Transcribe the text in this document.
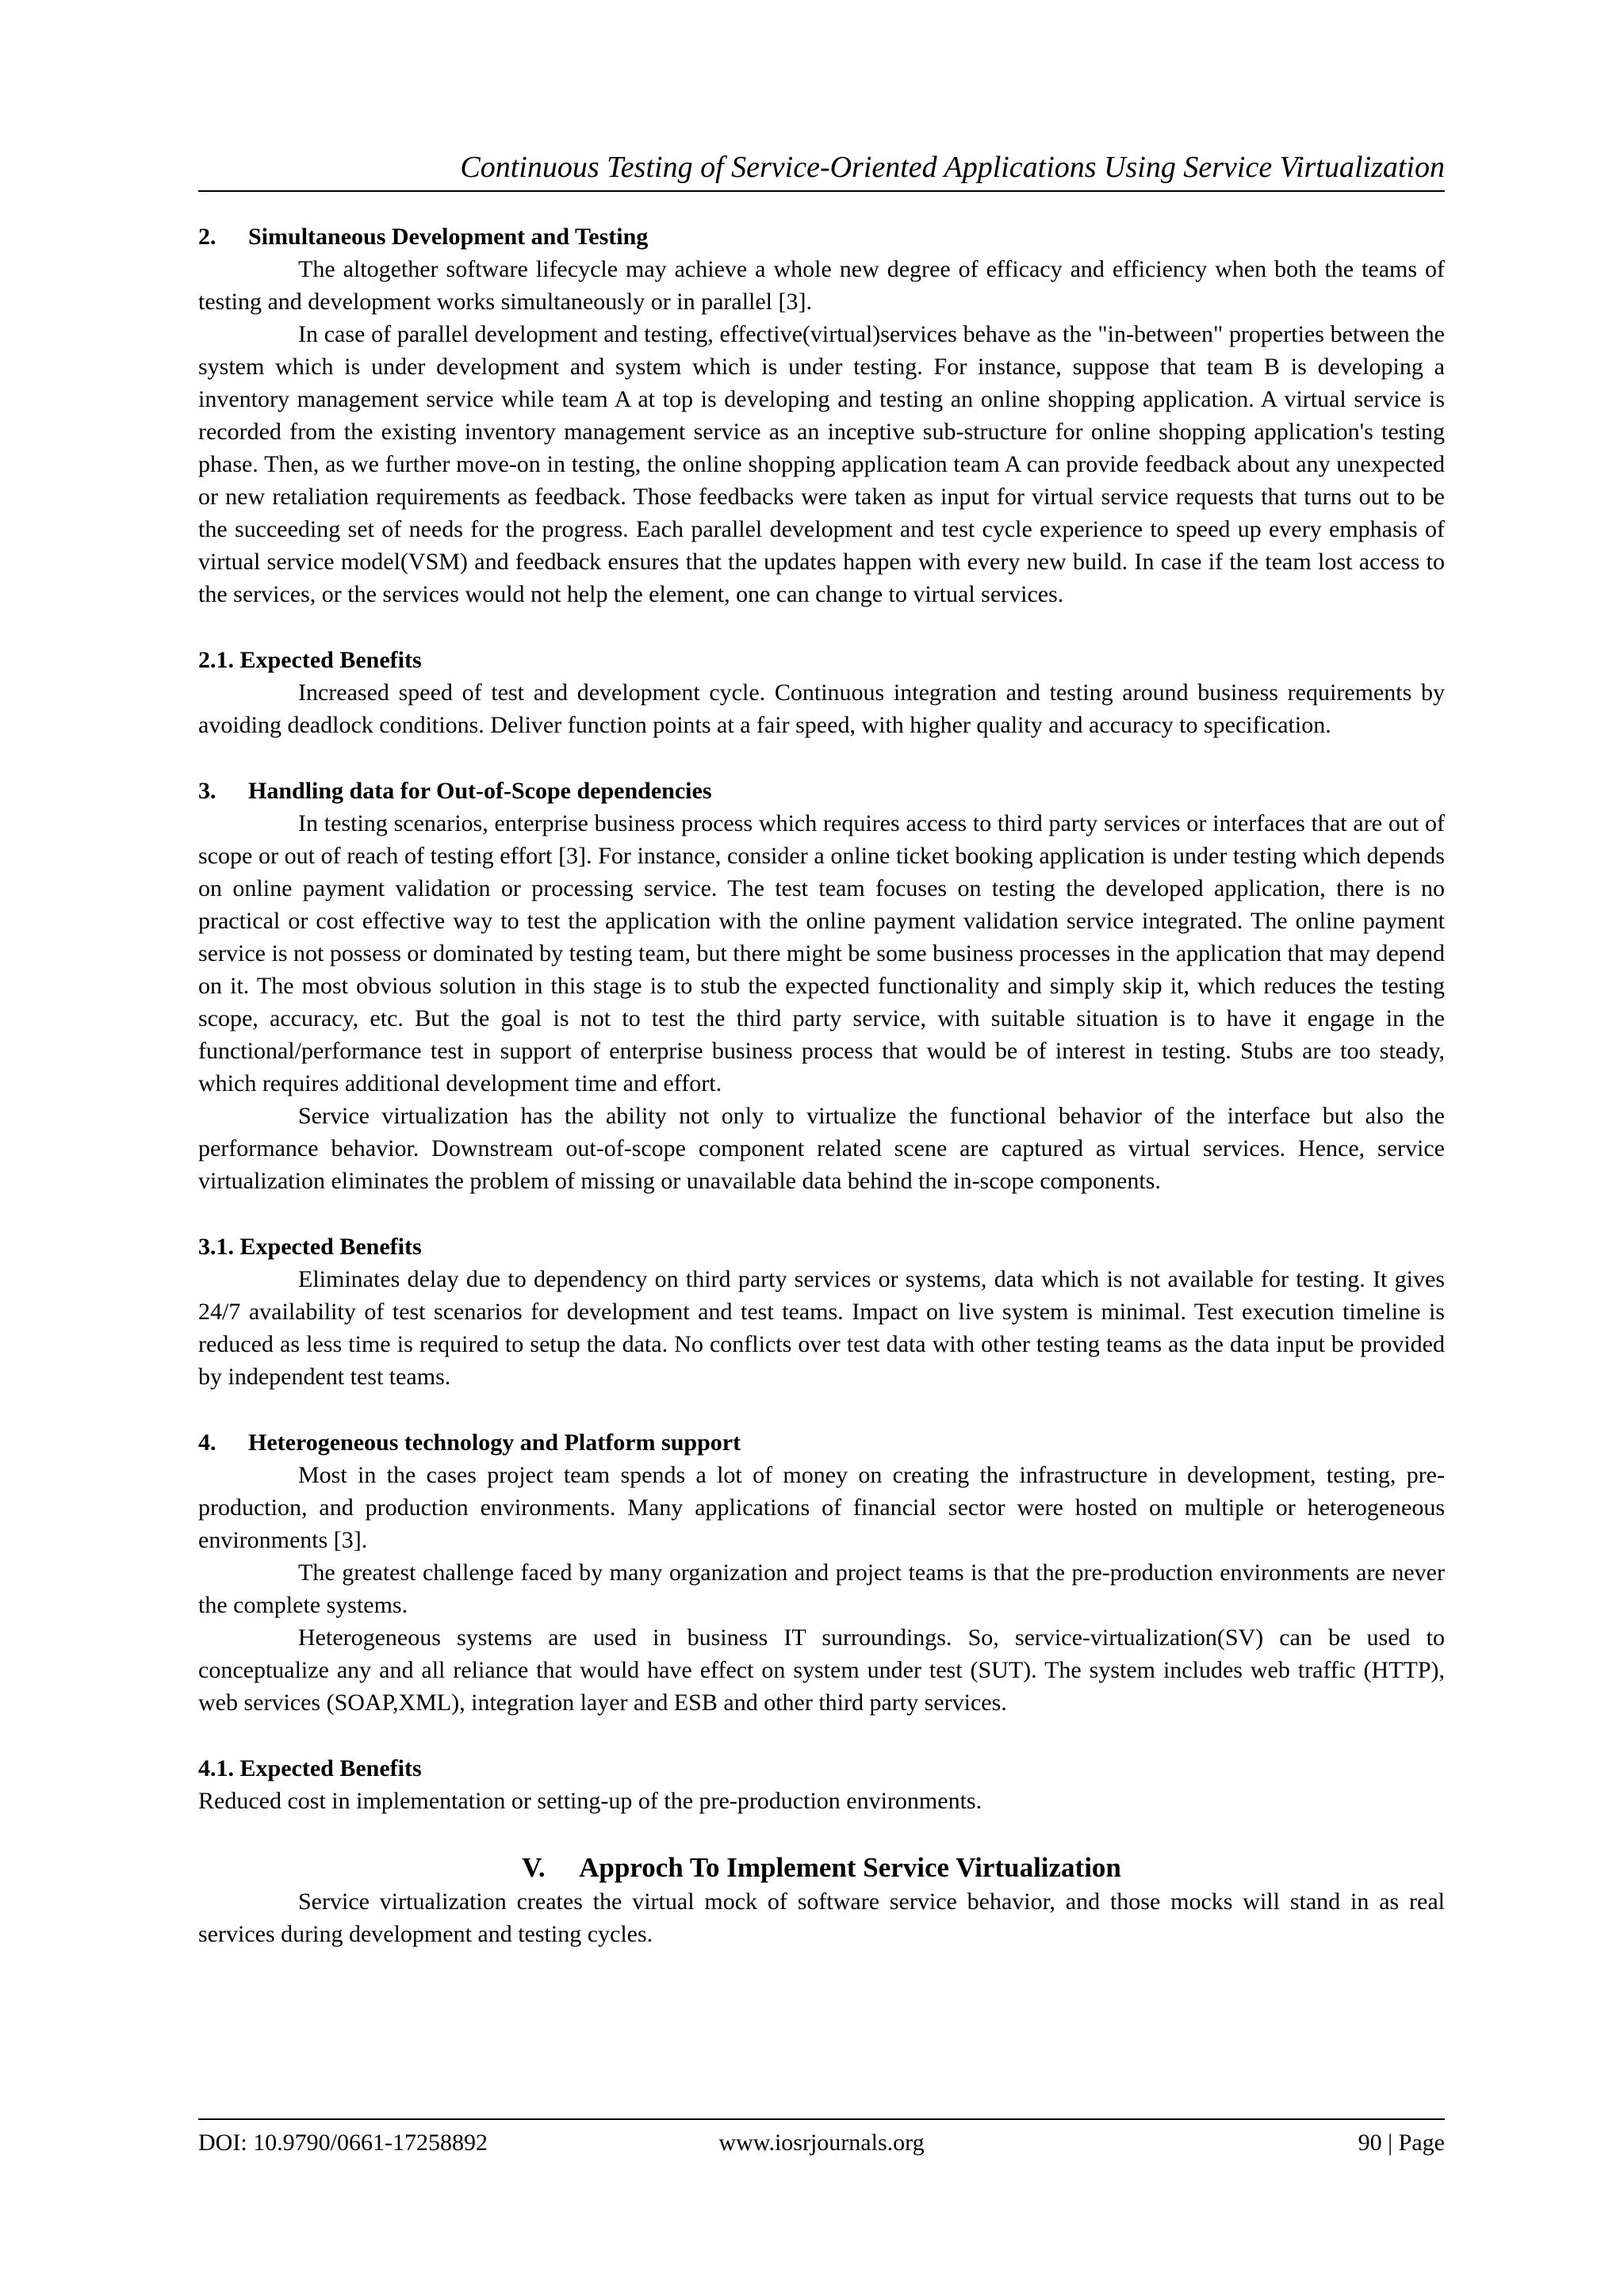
Continuous Testing of Service-Oriented Applications Using Service Virtualization

2. Simultaneous Development and Testing

The altogether software lifecycle may achieve a whole new degree of efficacy and efficiency when both the teams of testing and development works simultaneously or in parallel [3].

In case of parallel development and testing, effective(virtual)services behave as the "in-between" properties between the system which is under development and system which is under testing. For instance, suppose that team B is developing a inventory management service while team A at top is developing and testing an online shopping application. A virtual service is recorded from the existing inventory management service as an inceptive sub-structure for online shopping application's testing phase. Then, as we further move-on in testing, the online shopping application team A can provide feedback about any unexpected or new retaliation requirements as feedback. Those feedbacks were taken as input for virtual service requests that turns out to be the succeeding set of needs for the progress. Each parallel development and test cycle experience to speed up every emphasis of virtual service model(VSM) and feedback ensures that the updates happen with every new build. In case if the team lost access to the services, or the services would not help the element, one can change to virtual services.

2.1. Expected Benefits

Increased speed of test and development cycle. Continuous integration and testing around business requirements by avoiding deadlock conditions. Deliver function points at a fair speed, with higher quality and accuracy to specification.

3. Handling data for Out-of-Scope dependencies

In testing scenarios, enterprise business process which requires access to third party services or interfaces that are out of scope or out of reach of testing effort [3]. For instance, consider a online ticket booking application is under testing which depends on online payment validation or processing service. The test team focuses on testing the developed application, there is no practical or cost effective way to test the application with the online payment validation service integrated. The online payment service is not possess or dominated by testing team, but there might be some business processes in the application that may depend on it. The most obvious solution in this stage is to stub the expected functionality and simply skip it, which reduces the testing scope, accuracy, etc. But the goal is not to test the third party service, with suitable situation is to have it engage in the functional/performance test in support of enterprise business process that would be of interest in testing. Stubs are too steady, which requires additional development time and effort.

Service virtualization has the ability not only to virtualize the functional behavior of the interface but also the performance behavior. Downstream out-of-scope component related scene are captured as virtual services. Hence, service virtualization eliminates the problem of missing or unavailable data behind the in-scope components.

3.1. Expected Benefits

Eliminates delay due to dependency on third party services or systems, data which is not available for testing. It gives 24/7 availability of test scenarios for development and test teams. Impact on live system is minimal. Test execution timeline is reduced as less time is required to setup the data. No conflicts over test data with other testing teams as the data input be provided by independent test teams.

4. Heterogeneous technology and Platform support

Most in the cases project team spends a lot of money on creating the infrastructure in development, testing, pre-production, and production environments. Many applications of financial sector were hosted on multiple or heterogeneous environments [3].

The greatest challenge faced by many organization and project teams is that the pre-production environments are never the complete systems.

Heterogeneous systems are used in business IT surroundings. So, service-virtualization(SV) can be used to conceptualize any and all reliance that would have effect on system under test (SUT). The system includes web traffic (HTTP), web services (SOAP,XML), integration layer and ESB and other third party services.

4.1. Expected Benefits

Reduced cost in implementation or setting-up of the pre-production environments.

V. Approch To Implement Service Virtualization

Service virtualization creates the virtual mock of software service behavior, and those mocks will stand in as real services during development and testing cycles.

DOI: 10.9790/0661-17258892	www.iosrjournals.org	90 | Page
